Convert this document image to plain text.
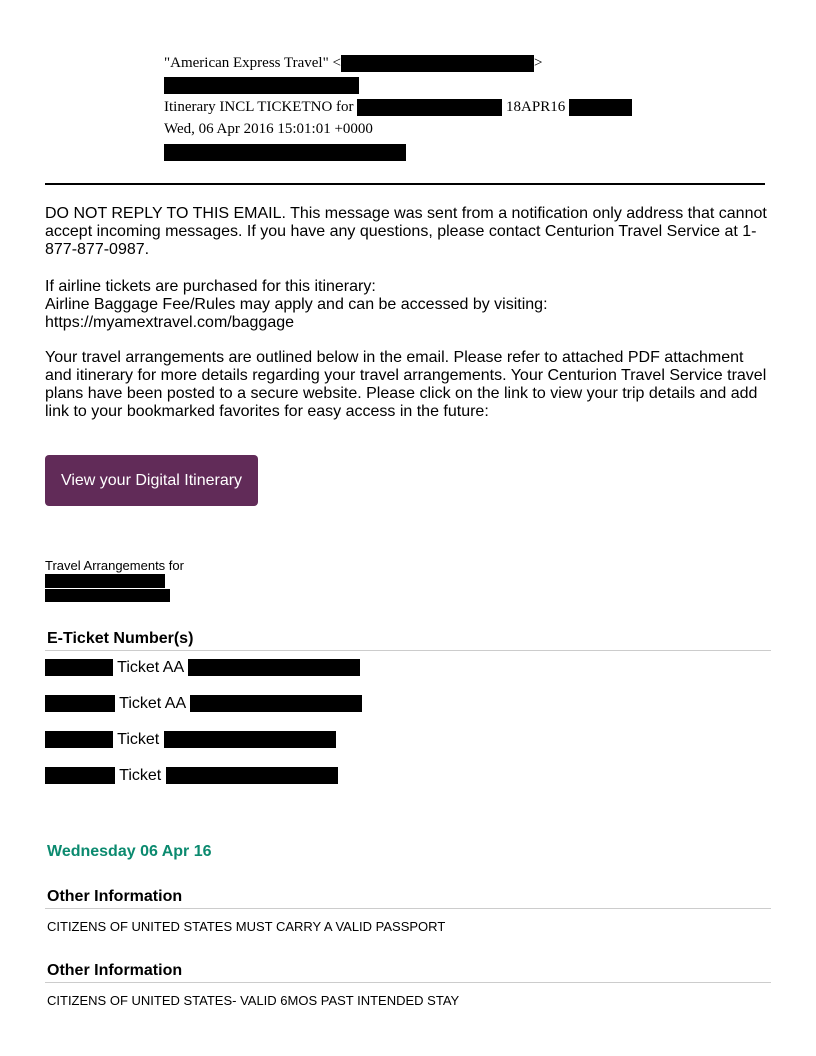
"American Express Travel" <	>
Itinerary INCL TICKETNO for	18APR16
Wed, 06 Apr 2016 15:01:01 +0000
DO NOT REPLY TO THIS EMAIL. This message was sent from a notification only address that cannot accept incoming messages. If you have any questions, please contact Centurion Travel Service at 1-877-877-0987.
If airline tickets are purchased for this itinerary:
Airline Baggage Fee/Rules may apply and can be accessed by visiting:
https://myamextravel.com/baggage
Your travel arrangements are outlined below in the email. Please refer to attached PDF attachment and itinerary for more details regarding your travel arrangements. Your Centurion Travel Service travel plans have been posted to a secure website. Please click on the link to view your trip details and add link to your bookmarked favorites for easy access in the future:
View your Digital Itinerary
Travel Arrangements for
E-Ticket Number(s)
Ticket AA
Ticket AA
Ticket
Ticket
Wednesday 06 Apr 16
Other Information
CITIZENS OF UNITED STATES MUST CARRY A VALID PASSPORT
Other Information
CITIZENS OF UNITED STATES- VALID 6MOS PAST INTENDED STAY
